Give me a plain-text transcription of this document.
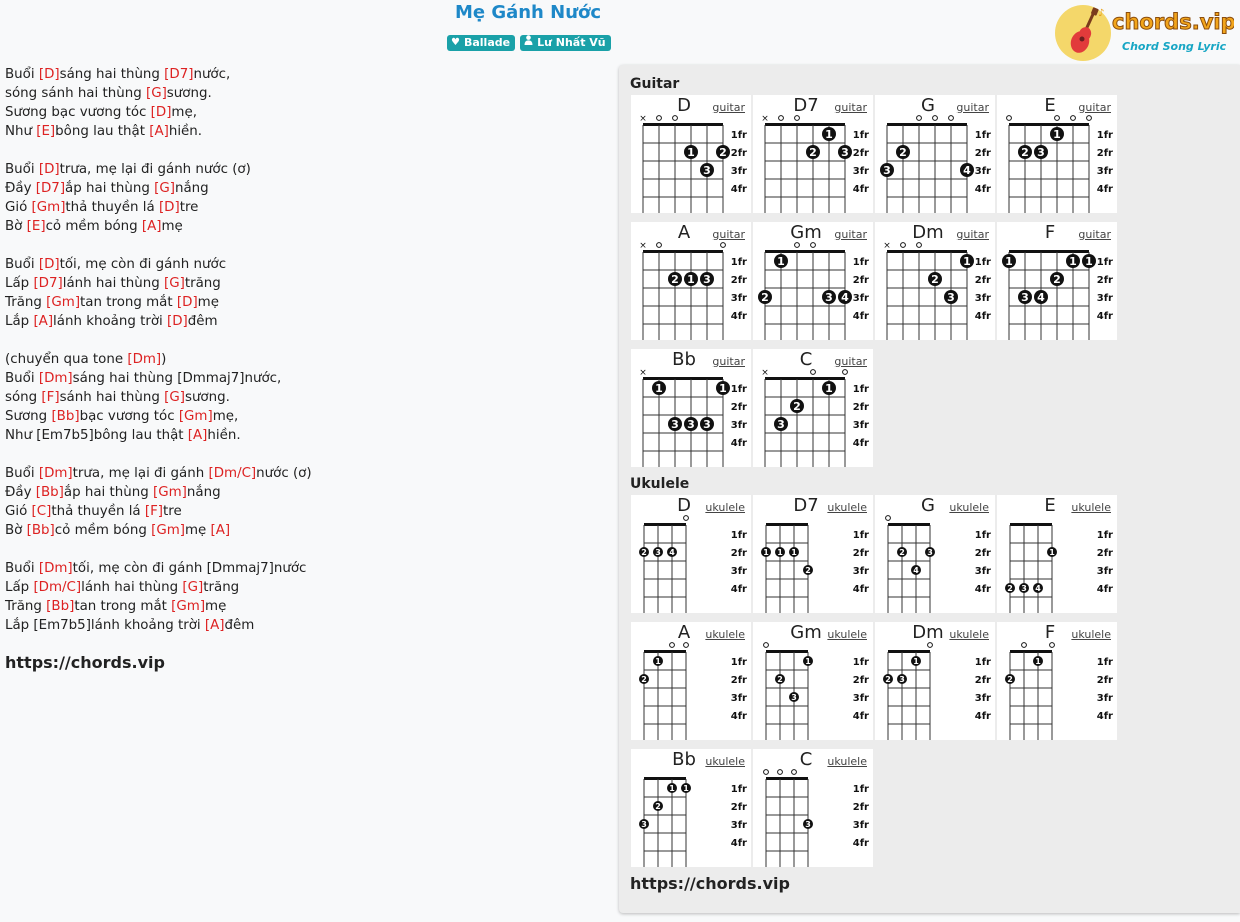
Mẹ Gánh Nước
♥ Ballade Lư Nhất Vũ
♪ chords.vip
Chord Song Lyric
Buổi [D]sáng hai thùng [D7]nước,
sóng sánh hai thùng [G]sương.
Sương bạc vương tóc [D]mẹ,
Như [E]bông lau thật [A]hiền.
Buổi [D]trưa, mẹ lại đi gánh nước (ơ)
Đầy [D7]ắp hai thùng [G]nắng
Gió [Gm]thả thuyền lá [D]tre
Bờ [E]cỏ mềm bóng [A]mẹ
Buổi [D]tối, mẹ còn đi gánh nước
Lấp [D7]lánh hai thùng [G]trăng
Trăng [Gm]tan trong mắt [D]mẹ
Lắp [A]lánh khoảng trời [D]đêm
(chuyển qua tone [Dm])
Buổi [Dm]sáng hai thùng [Dmmaj7]nước,
sóng [F]sánh hai thùng [G]sương.
Sương [Bb]bạc vương tóc [Gm]mẹ,
Như [Em7b5]bông lau thật [A]hiền.
Buổi [Dm]trưa, mẹ lại đi gánh [Dm/C]nước (ơ)
Đầy [Bb]ắp hai thùng [Gm]nắng
Gió [C]thả thuyền lá [F]tre
Bờ [Bb]cỏ mềm bóng [Gm]mẹ [A]
Buổi [Dm]tối, mẹ còn đi gánh [Dmmaj7]nước
Lấp [Dm/C]lánh hai thùng [G]trăng
Trăng [Bb]tan trong mắt [Gm]mẹ
Lắp [Em7b5]lánh khoảng trời [A]đêm
https://chords.vip
Guitar
1fr
2fr
3fr
4fr
×
1 2
3
D	guitar
1fr
2fr
3fr
4fr
×
1
2 3
D7	guitar
1fr
2fr
3fr
4fr
2
3	4
G	guitar
1fr
2fr
3fr
4fr
1
2 3
E	guitar
1fr
2fr
3fr
4fr
×
2 1 3
A	guitar
1fr
2fr
3fr
4fr
1
2	3 4
Gm	guitar
1fr
2fr
3fr
4fr
×
1
2
3
Dm	guitar
1fr
2fr
3fr
4fr
1	1 1
2
3 4
F	guitar
1fr
2fr
3fr
4fr
×
1	1
3 3 3
Bb	guitar
1fr
2fr
3fr
4fr
×
1
2
3
C	guitar
Ukulele
1fr
2fr
3fr
4fr
2 3 4
D	ukulele
1fr
2fr
3fr
4fr
1 1 1
2
D7 ukulele
1fr
2fr
3fr
4fr
2	3
4
G	ukulele
1fr
2fr
3fr
4fr
1
2 3 4
E	ukulele
1fr
2fr
3fr
4fr
1
2
A	ukulele
1fr
2fr
3fr
4fr
1
2
3
Gm ukulele
1fr
2fr
3fr
4fr
1
2 3
Dm ukulele
1fr
2fr
3fr
4fr
1
2
F	ukulele
1fr
2fr
3fr
4fr
1 1
2
3
Bb ukulele
1fr
2fr
3fr
4fr
3
C	ukulele
https://chords.vip
